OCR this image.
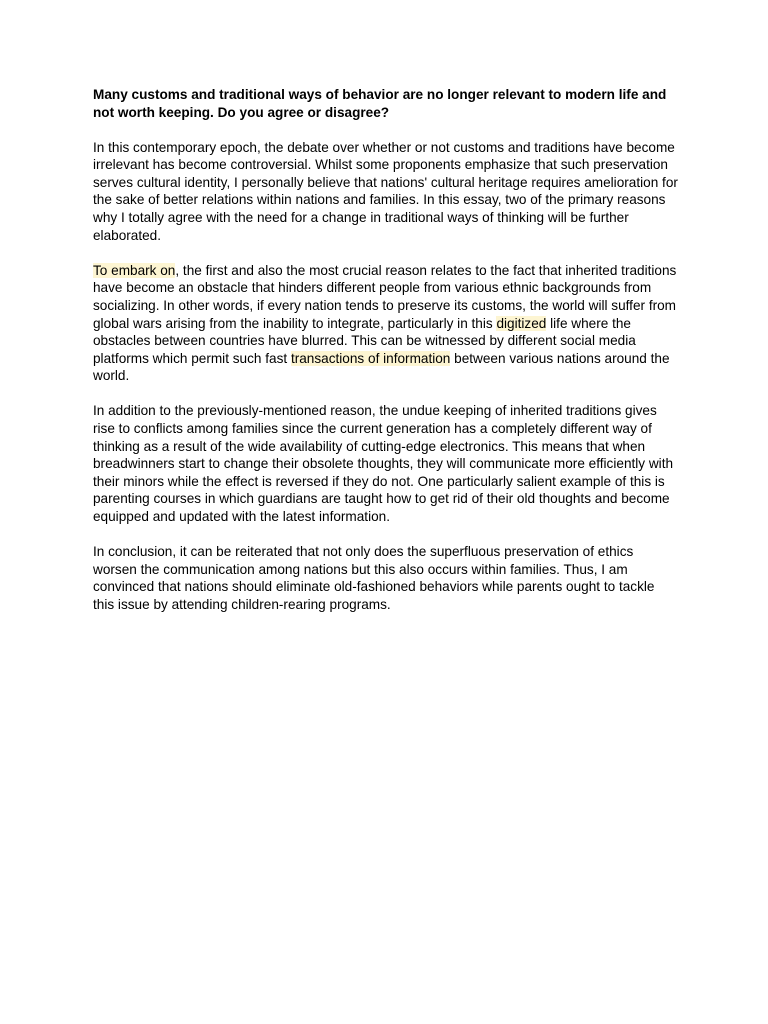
Many customs and traditional ways of behavior are no longer relevant to modern life and not worth keeping. Do you agree or disagree?
In this contemporary epoch, the debate over whether or not customs and traditions have become irrelevant has become controversial. Whilst some proponents emphasize that such preservation serves cultural identity, I personally believe that nations' cultural heritage requires amelioration for the sake of better relations within nations and families. In this essay, two of the primary reasons why I totally agree with the need for a change in traditional ways of thinking will be further elaborated.
To embark on, the first and also the most crucial reason relates to the fact that inherited traditions have become an obstacle that hinders different people from various ethnic backgrounds from socializing. In other words, if every nation tends to preserve its customs, the world will suffer from global wars arising from the inability to integrate, particularly in this digitized life where the obstacles between countries have blurred. This can be witnessed by different social media platforms which permit such fast transactions of information between various nations around the world.
In addition to the previously-mentioned reason, the undue keeping of inherited traditions gives rise to conflicts among families since the current generation has a completely different way of thinking as a result of the wide availability of cutting-edge electronics. This means that when breadwinners start to change their obsolete thoughts, they will communicate more efficiently with their minors while the effect is reversed if they do not. One particularly salient example of this is parenting courses in which guardians are taught how to get rid of their old thoughts and become equipped and updated with the latest information.
In conclusion, it can be reiterated that not only does the superfluous preservation of ethics worsen the communication among nations but this also occurs within families. Thus, I am convinced that nations should eliminate old-fashioned behaviors while parents ought to tackle this issue by attending children-rearing programs.
